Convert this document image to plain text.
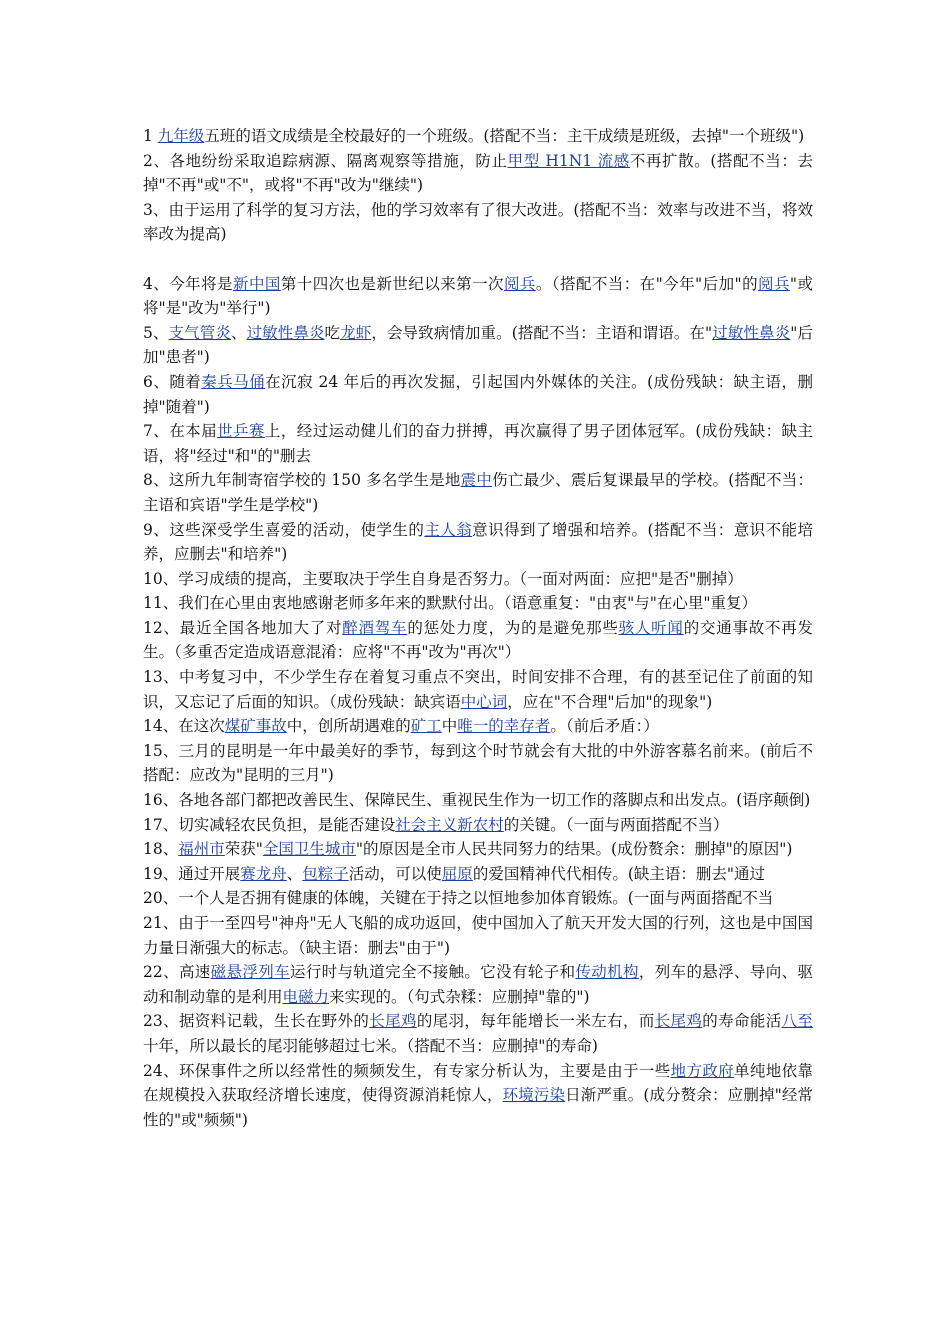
1 九年级五班的语文成绩是全校最好的一个班级。(搭配不当：主干成绩是班级，去掉"一个班级")

2、各地纷纷采取追踪病源、隔离观察等措施，防止甲型 H1N1 流感不再扩散。(搭配不当：去掉"不再"或"不"，或将"不再"改为"继续")

3、由于运用了科学的复习方法，他的学习效率有了很大改进。(搭配不当：效率与改进不当，将效率改为提高)

4、今年将是新中国第十四次也是新世纪以来第一次阅兵。（搭配不当：在"今年"后加"的阅兵"或将"是"改为"举行")

5、支气管炎、过敏性鼻炎吃龙虾，会导致病情加重。(搭配不当：主语和谓语。在"过敏性鼻炎"后加"患者")

6、随着秦兵马俑在沉寂 24 年后的再次发掘，引起国内外媒体的关注。(成份残缺：缺主语，删掉"随着")

7、在本届世乒赛上，经过运动健儿们的奋力拼搏，再次赢得了男子团体冠军。(成份残缺：缺主语，将"经过"和"的"删去

8、这所九年制寄宿学校的 150 多名学生是地震中伤亡最少、震后复课最早的学校。(搭配不当：主语和宾语"学生是学校")

9、这些深受学生喜爱的活动，使学生的主人翁意识得到了增强和培养。(搭配不当：意识不能培养，应删去"和培养")

10、学习成绩的提高，主要取决于学生自身是否努力。（一面对两面：应把"是否"删掉）

11、我们在心里由衷地感谢老师多年来的默默付出。（语意重复："由衷"与"在心里"重复）

12、最近全国各地加大了对醉酒驾车的惩处力度，为的是避免那些骇人听闻的交通事故不再发生。（多重否定造成语意混淆：应将"不再"改为"再次"）

13、中考复习中，不少学生存在着复习重点不突出，时间安排不合理，有的甚至记住了前面的知识，又忘记了后面的知识。（成份残缺：缺宾语中心词，应在"不合理"后加"的现象")

14、在这次煤矿事故中，创所胡遇难的矿工中唯一的幸存者。（前后矛盾：）

15、三月的昆明是一年中最美好的季节，每到这个时节就会有大批的中外游客慕名前来。(前后不搭配：应改为"昆明的三月")

16、各地各部门都把改善民生、保障民生、重视民生作为一切工作的落脚点和出发点。(语序颠倒)

17、切实减轻农民负担，是能否建设社会主义新农村的关键。（一面与两面搭配不当）

18、福州市荣获"全国卫生城市"的原因是全市人民共同努力的结果。(成份赘余：删掉"的原因")

19、通过开展赛龙舟、包粽子活动，可以使屈原的爱国精神代代相传。(缺主语：删去"通过

20、一个人是否拥有健康的体魄，关键在于持之以恒地参加体育锻炼。(一面与两面搭配不当

21、由于一至四号"神舟"无人飞船的成功返回，使中国加入了航天开发大国的行列，这也是中国国力量日渐强大的标志。（缺主语：删去"由于")

22、高速磁悬浮列车运行时与轨道完全不接触。它没有轮子和传动机构，列车的悬浮、导向、驱动和制动靠的是利用电磁力来实现的。（句式杂糅：应删掉"靠的")

23、据资料记载，生长在野外的长尾鸡的尾羽，每年能增长一米左右，而长尾鸡的寿命能活八至十年，所以最长的尾羽能够超过七米。（搭配不当：应删掉"的寿命)

24、环保事件之所以经常性的频频发生，有专家分析认为，主要是由于一些地方政府单纯地依靠在规模投入获取经济增长速度，使得资源消耗惊人，环境污染日渐严重。(成分赘余：应删掉"经常性的"或"频频")
